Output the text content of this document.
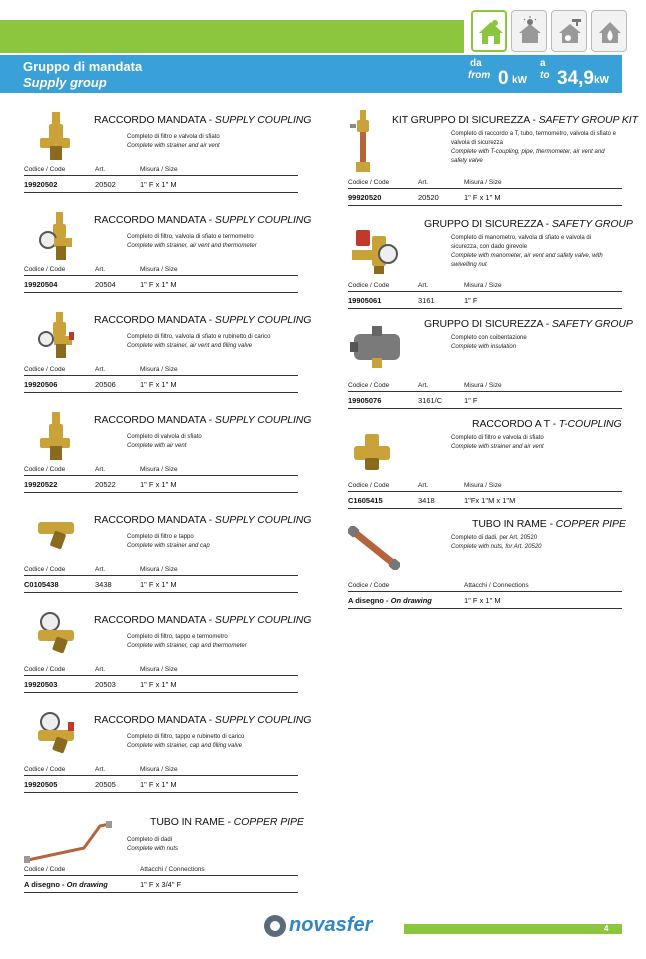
Gruppo di mandata
Supply group
da
from 0 kW
a
to 34,9 kW
RACCORDO MANDATA - SUPPLY COUPLING
Completo di filtro e valvola di sfiato
Complete with strainer and air vent
Codice / Code	Art.	Misura / Size
19920502	20502	1" F x 1" M
RACCORDO MANDATA - SUPPLY COUPLING
Completo di filtro, valvola di sfiato e termometro
Complete with strainer, air vent and thermometer
Codice / Code	Art.	Misura / Size
19920504	20504	1" F x 1" M
RACCORDO MANDATA - SUPPLY COUPLING
Completo di filtro, valvola di sfiato e rubinetto di carico
Complete with strainer, air vent and filling valve
Codice / Code	Art.	Misura / Size
19920506	20506	1" F x 1" M
RACCORDO MANDATA - SUPPLY COUPLING
Completo di valvola di sfiato
Complete with air vent
Codice / Code	Art.	Misura / Size
19920522	20522	1" F x 1" M
RACCORDO MANDATA - SUPPLY COUPLING
Completo di filtro e tappo
Complete with strainer and cap
Codice / Code	Art.	Misura / Size
C0105438	3438	1" F x 1" M
RACCORDO MANDATA - SUPPLY COUPLING
Completo di filtro, tappo e termometro
Complete with strainer, cap and thermometer
Codice / Code	Art.	Misura / Size
19920503	20503	1" F x 1" M
RACCORDO MANDATA - SUPPLY COUPLING
Completo di filtro, tappo e rubinetto di carico
Complete with strainer, cap and filling valve
Codice / Code	Art.	Misura / Size
19920505	20505	1" F x 1" M
TUBO IN RAME - COPPER PIPE
Completo di dadi
Complete with nuts
Codice / Code	Attacchi / Connections
A disegno - On drawing	1" F x 3/4" F
KIT GRUPPO DI SICUREZZA - SAFETY GROUP KIT
Completo di raccordo a T, tubo, termometro, valvola di sfiato e valvola di sicurezza
Complete with T-coupling, pipe, thermometer, air vent and safety valve
Codice / Code	Art.	Misura / Size
99920520	20520	1" F x 1" M
GRUPPO DI SICUREZZA - SAFETY GROUP
Completo di manometro, valvola di sfiato e valvola di sicurezza, con dado girevole
Complete with manometer, air vent and safety valve, with swivelling nut
Codice / Code	Art.	Misura / Size
19905061	3161	1" F
GRUPPO DI SICUREZZA - SAFETY GROUP
Completo con coibentazione
Complete with insulation
Codice / Code	Art.	Misura / Size
19905076	3161/C	1" F
RACCORDO A T - T-COUPLING
Completo di filtro e valvola di sfiato
Complete with strainer and air vent
Codice / Code	Art.	Misura / Size
C1605415	3418	1"Fx 1"M x 1"M
TUBO IN RAME - COPPER PIPE
Completo di dadi, per Art. 20520
Complete with nuts, for Art. 20520
Codice / Code	Attacchi / Connections
A disegno - On drawing	1" F x 1" M
novasfer	4
